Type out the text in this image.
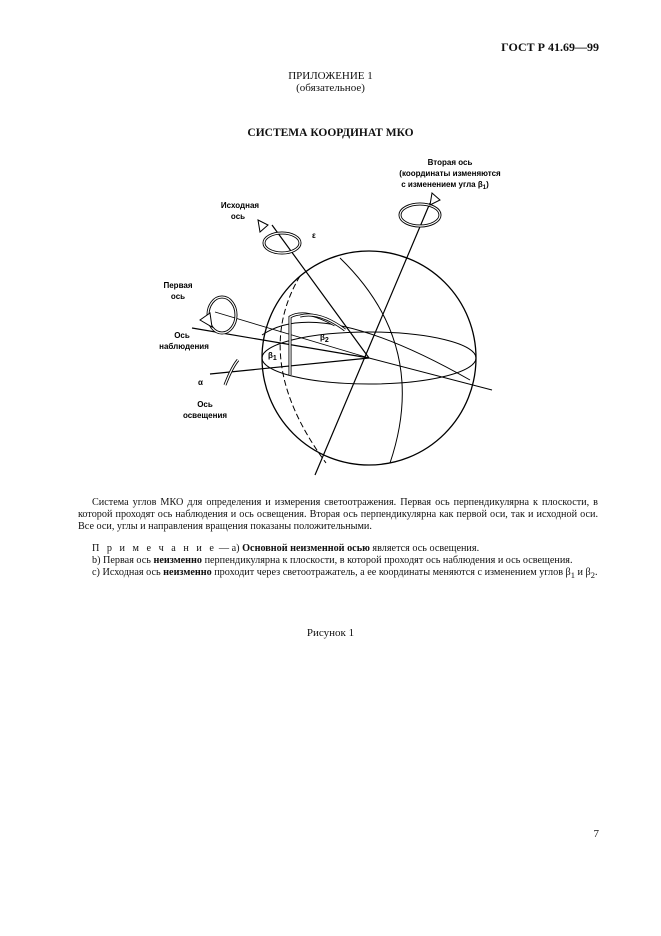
ГОСТ Р 41.69—99
ПРИЛОЖЕНИЕ 1
(обязательное)
СИСТЕМА КООРДИНАТ МКО
Вторая ось
(координаты изменяются
с изменением угла $\beta_1$)
Исходная
ось
ε
Первая
ось
Ось
наблюдения
α
Ось
освещения
β1
β2
Система углов МКО для определения и измерения светоотражения. Первая ось перпендикулярна к плоскости, в которой проходят ось наблюдения и ось освещения. Вторая ось перпендикулярна как первой оси, так и исходной оси. Все оси, углы и направления вращения показаны положительными.

П р и м е ч а н и е — а) Основной неизменной осью является ось освещения.

b) Первая ось неизменно перпендикулярна к плоскости, в которой проходят ось наблюдения и ось освещения.

c) Исходная ось неизменно проходит через светоотражатель, а ее координаты меняются с изменением углов $\beta_1$ и $\beta_2$.

Рисунок 1
7
